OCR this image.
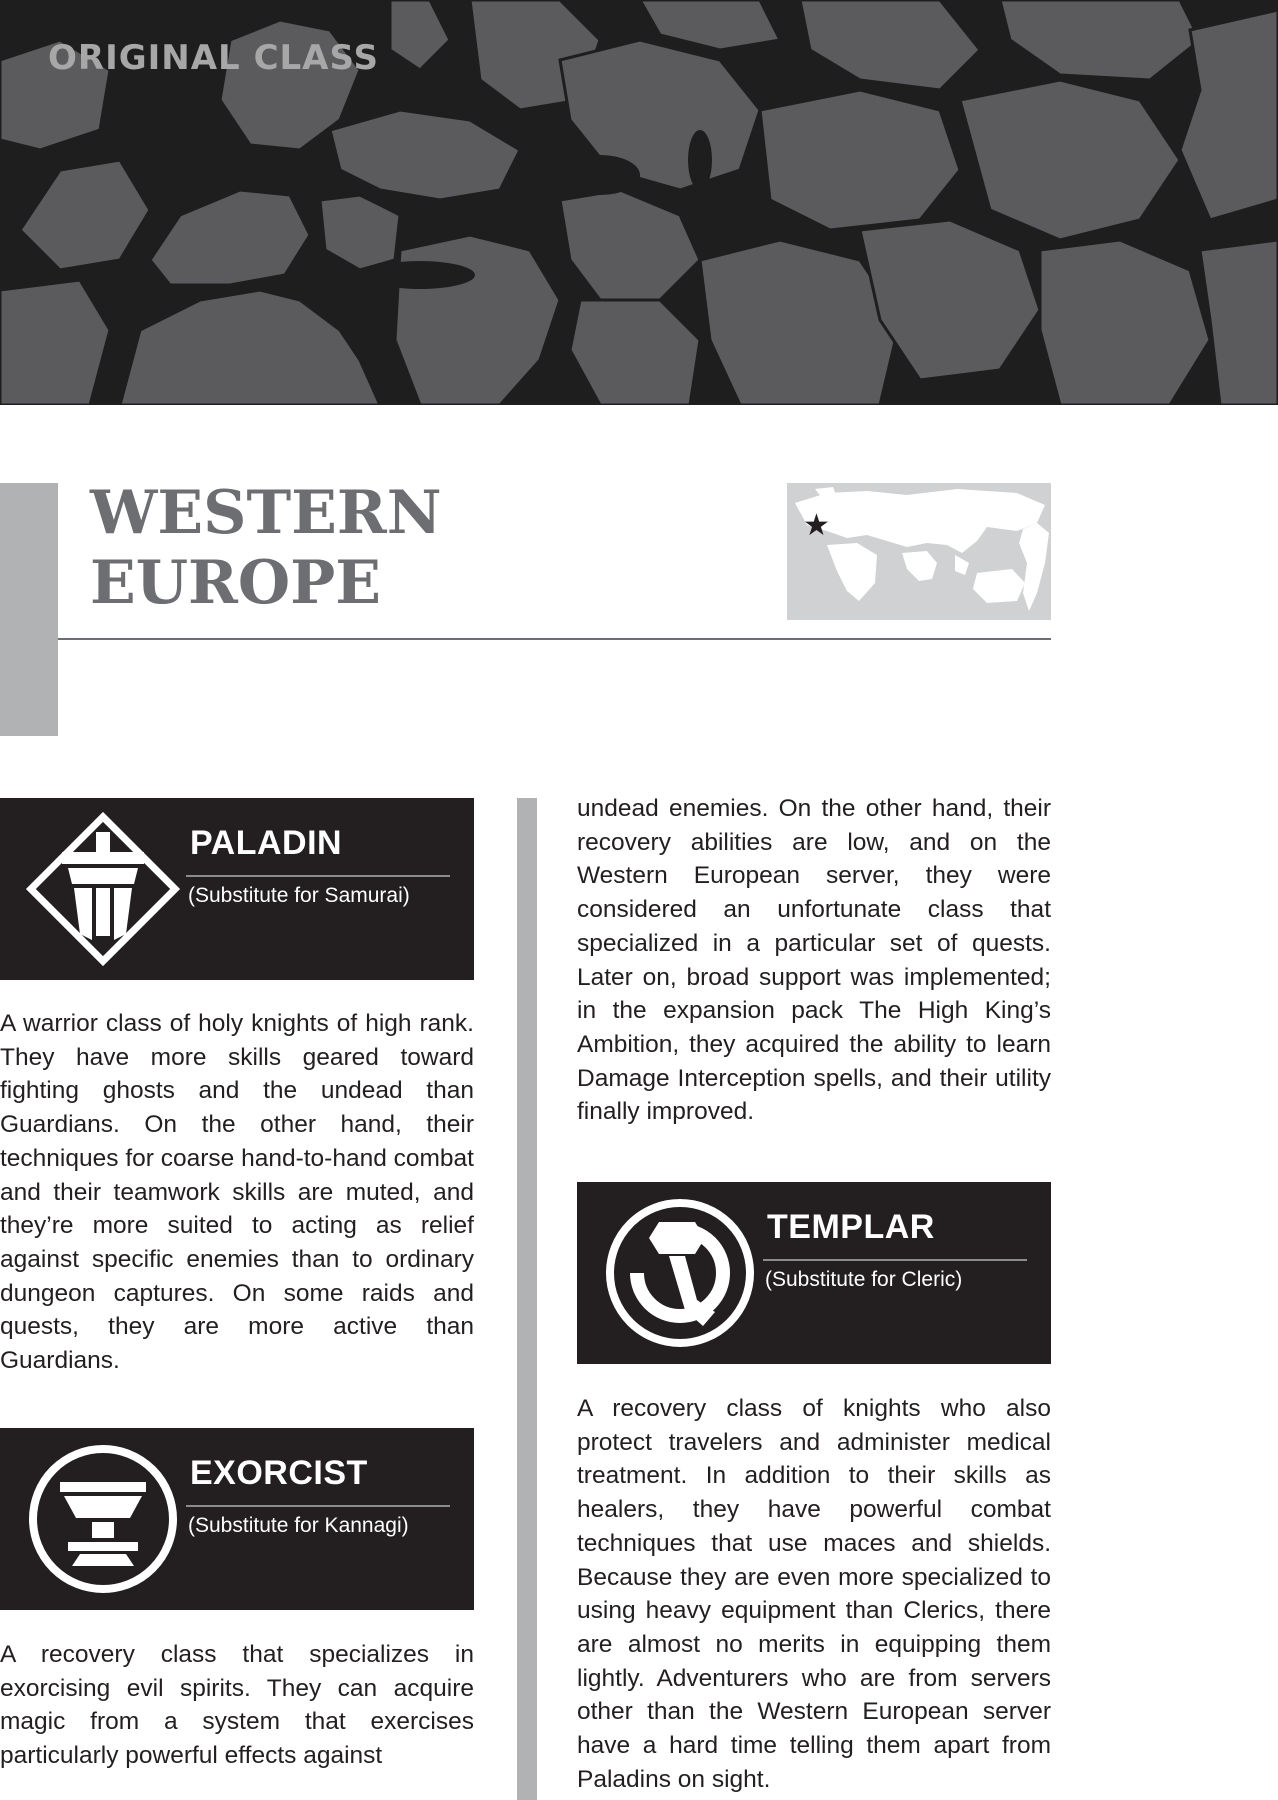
ORIGINAL CLASS
WESTERN
EUROPE
★
PALADIN

(Substitute for Samurai)

A warrior class of holy knights of high rank. They have more skills geared toward fighting ghosts and the undead than Guardians. On the other hand, their techniques for coarse hand-to-hand combat and their teamwork skills are muted, and they’re more suited to acting as relief against specific enemies than to ordinary dungeon captures. On some raids and quests, they are more active than Guardians.

EXORCIST

(Substitute for Kannagi)

A recovery class that specializes in exorcising evil spirits. They can acquire magic from a system that exercises particularly powerful effects against

undead enemies. On the other hand, their recovery abilities are low, and on the Western European server, they were considered an unfortunate class that specialized in a particular set of quests. Later on, broad support was implemented; in the expansion pack The High King’s Ambition, they acquired the ability to learn Damage Interception spells, and their utility finally improved.

TEMPLAR

(Substitute for Cleric)

A recovery class of knights who also protect travelers and administer medical treatment. In addition to their skills as healers, they have powerful combat techniques that use maces and shields. Because they are even more specialized to using heavy equipment than Clerics, there are almost no merits in equipping them lightly. Adventurers who are from servers other than the Western European server have a hard time telling them apart from Paladins on sight.
